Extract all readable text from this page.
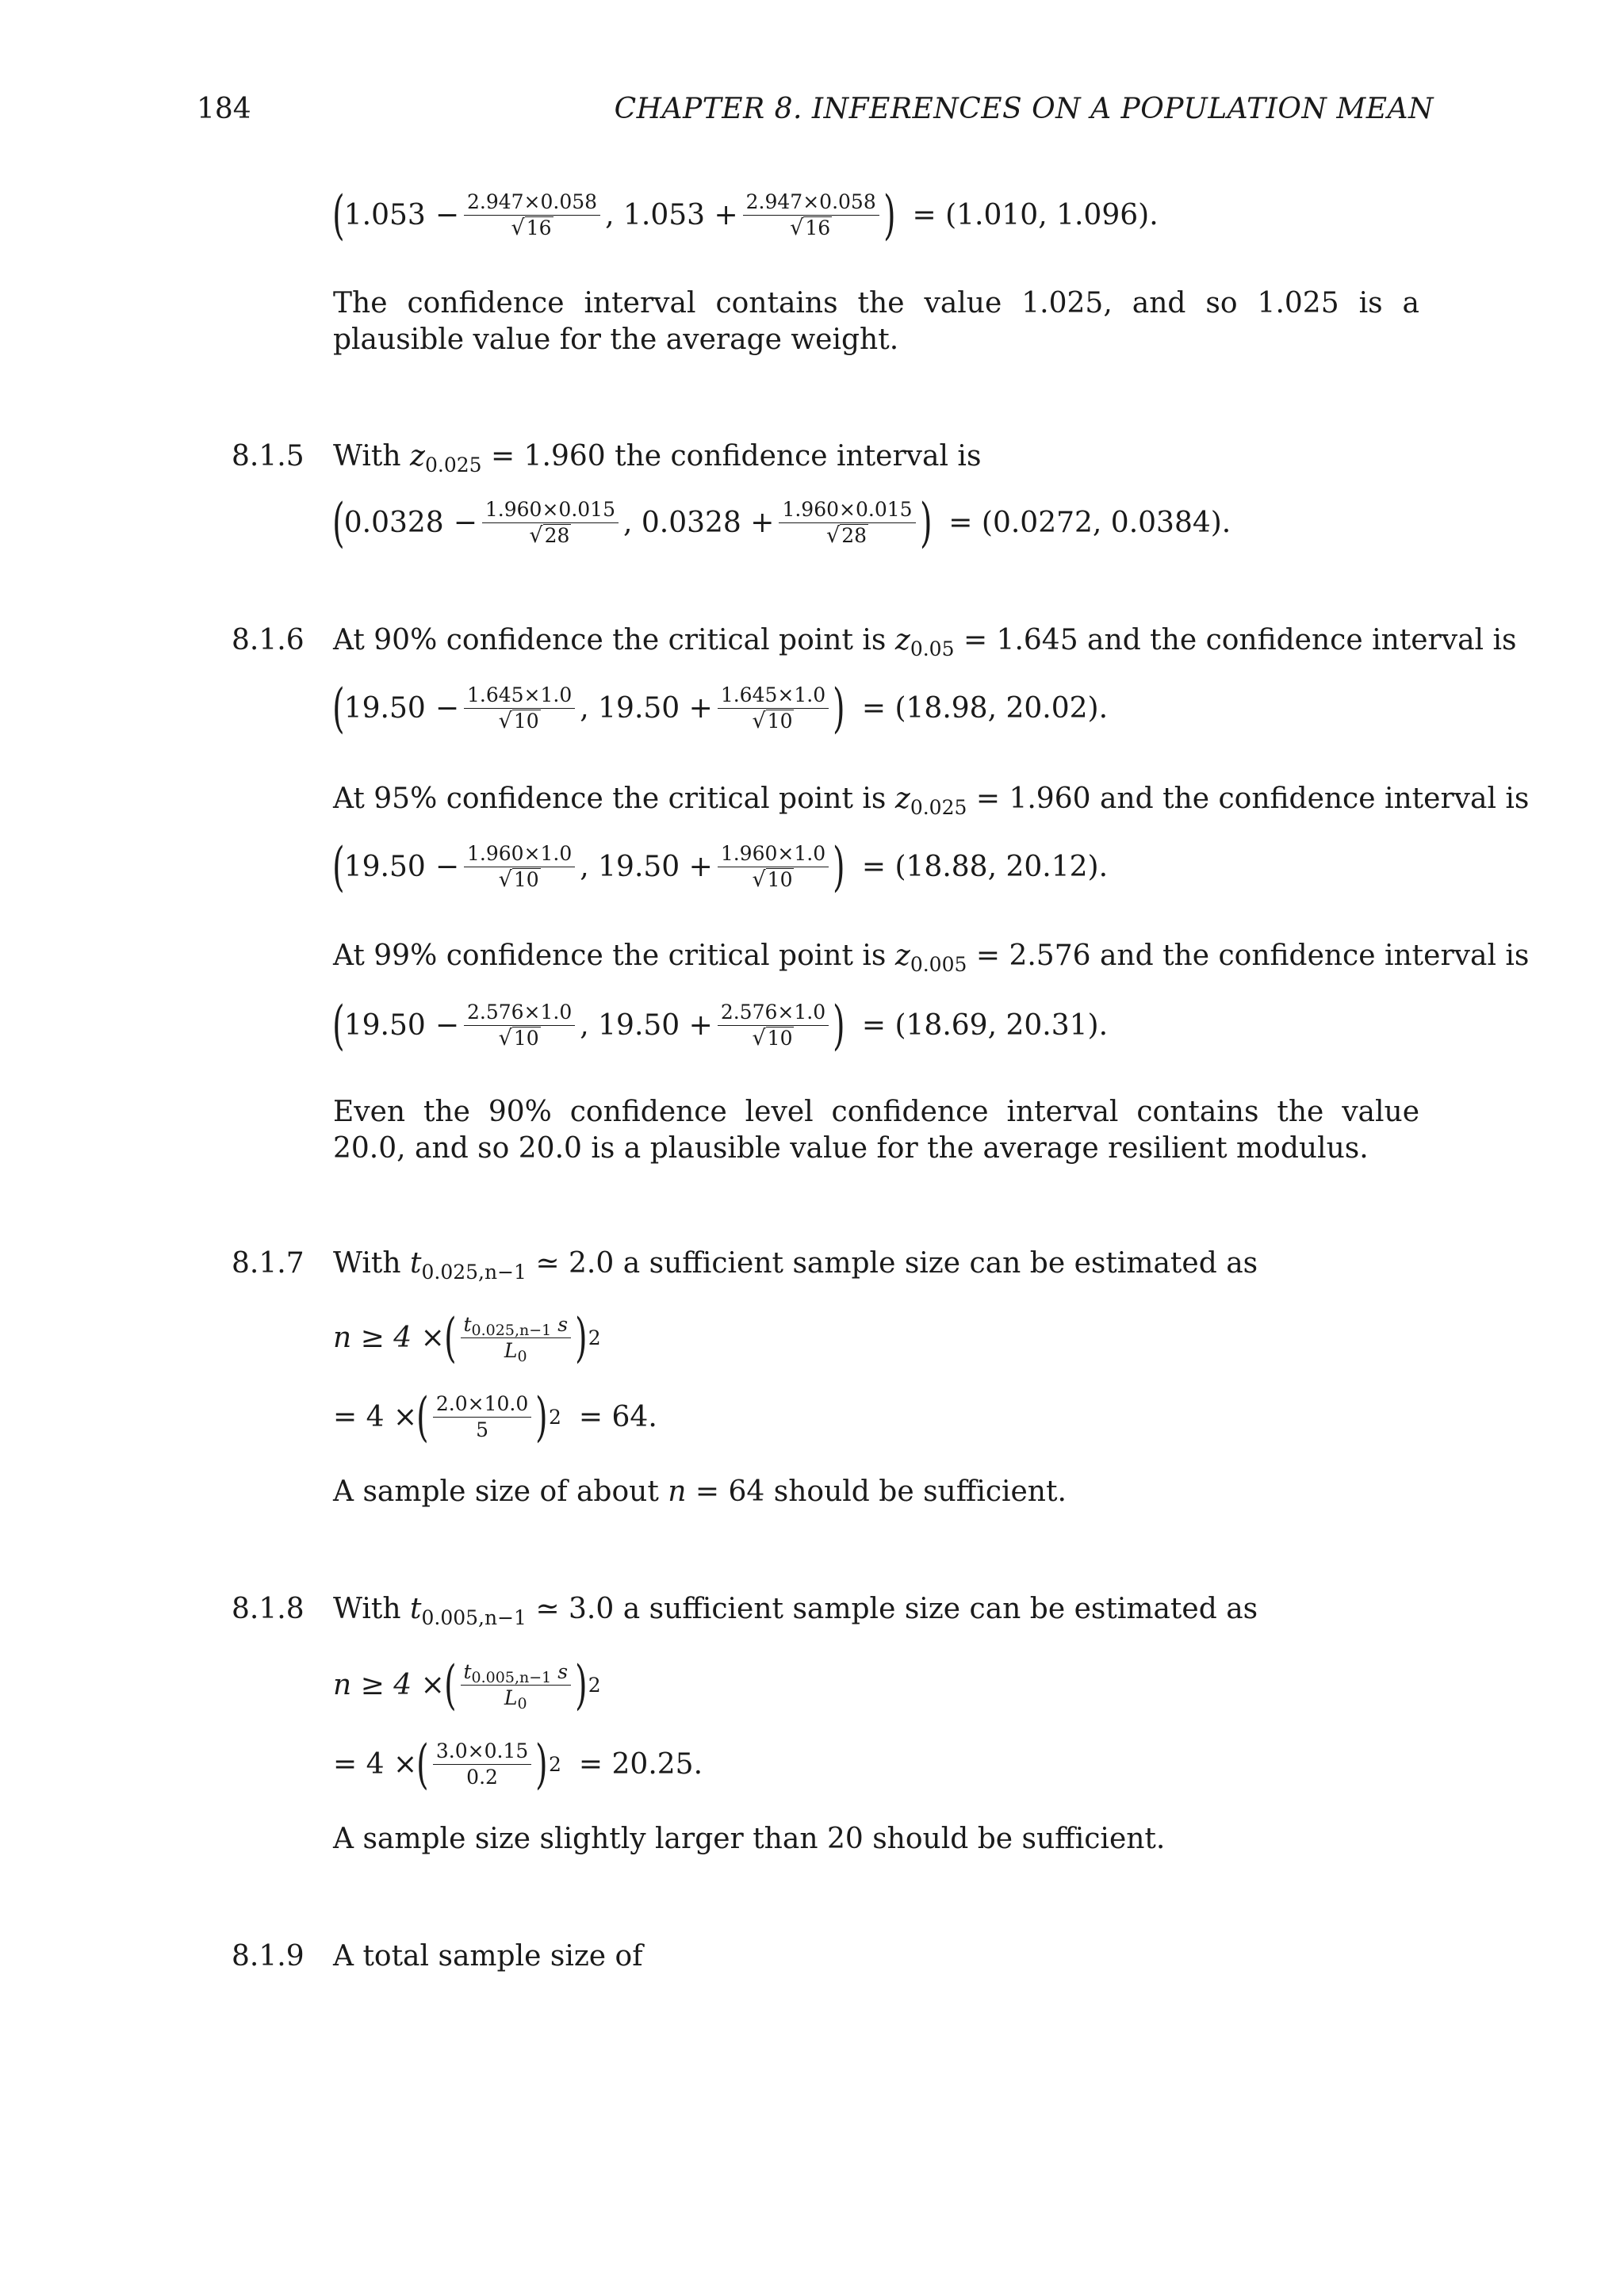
184	CHAPTER 8. INFERENCES ON A POPULATION MEAN
( $1.053 - \frac{2.947\times 0.058}{√ 16}$ , $1.053 + \frac{2.947\times 0.058}{√ 16}$ ) = (1.010, 1.096).
The confidence interval contains the value 1.025, and so 1.025 is a plausible value for the average weight.
8.1.5 With $z_{0.025} = 1.960$ the confidence interval is
( $0.0328 - \frac{1.960\times 0.015}{√ 28}$ , $0.0328 + \frac{1.960\times 0.015}{√ 28}$ ) = (0.0272, 0.0384).
8.1.6 At 90% confidence the critical point is $z_{0.05} = 1.645$ and the confidence interval is
( $19.50 - \frac{1.645\times 1.0}{√ 10}$ , $19.50 + \frac{1.645\times 1.0}{√ 10}$ ) = (18.98, 20.02).
At 95% confidence the critical point is $z_{0.025} = 1.960$ and the confidence interval is
( $19.50 - \frac{1.960\times 1.0}{√ 10}$ , $19.50 + \frac{1.960\times 1.0}{√ 10}$ ) = (18.88, 20.12).
At 99% confidence the critical point is $z_{0.005} = 2.576$ and the confidence interval is
( $19.50 - \frac{2.576\times 1.0}{√ 10}$ , $19.50 + \frac{2.576\times 1.0}{√ 10}$ ) = (18.69, 20.31).
Even the 90% confidence level confidence interval contains the value 20.0, and so 20.0 is a plausible value for the average resilient modulus.
8.1.7 With $t_{0.025,n-1}$ ≃ 2.0 a sufficient sample size can be estimated as
n ≥ 4 × ( $\frac{t_{0.025,n-1} s}{L_0}$ ) 2
= 4 × ( $\frac{2.0\times 10.0}{5}$ ) 2 = 64.
A sample size of about n = 64 should be sufficient.
8.1.8 With $t_{0.005,n-1}$ ≃ 3.0 a sufficient sample size can be estimated as
n ≥ 4 × ( $\frac{t_{0.005,n-1} s}{L_0}$ ) 2
= 4 × ( $\frac{3.0\times 0.15}{0.2}$ ) 2 = 20.25.
A sample size slightly larger than 20 should be sufficient.
8.1.9 A total sample size of
